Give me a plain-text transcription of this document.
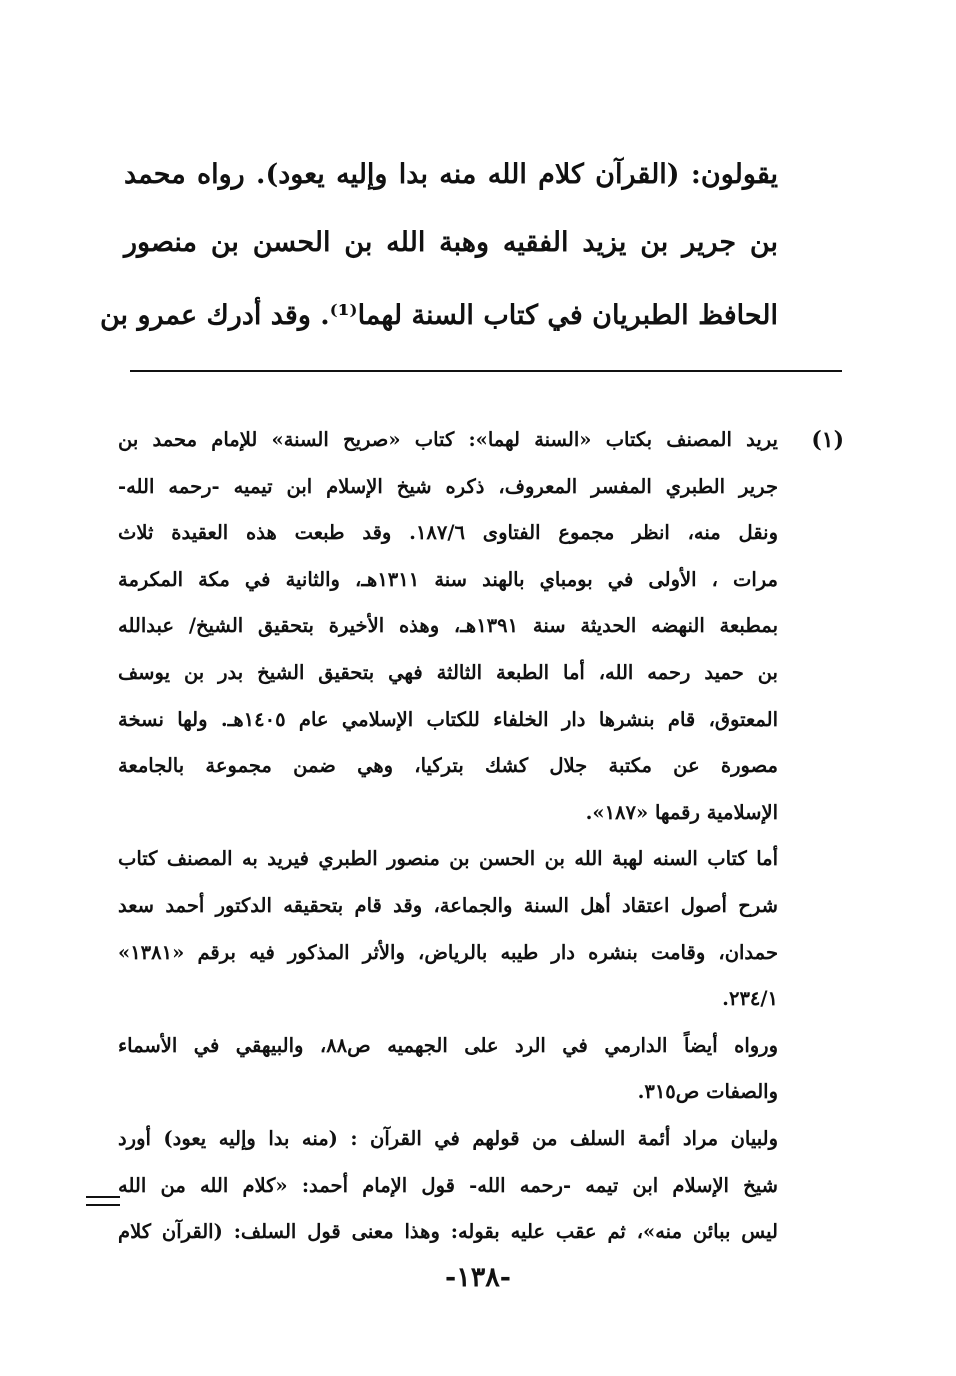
يقولون: (القرآن كلام الله منه بدا وإليه يعود). رواه محمد
بن جرير بن يزيد الفقيه وهبة الله بن الحسن بن منصور
الحافظ الطبريان في كتاب السنة لهما⁽¹⁾. وقد أدرك عمرو بن
(١)
يريد المصنف بكتاب «السنة لهما»: كتاب «صريح السنة» للإمام محمد بن
جرير الطبري المفسر المعروف، ذكره شيخ الإسلام ابن تيميه -رحمه الله-
ونقل منه، انظر مجموع الفتاوى ١٨٧/٦. وقد طبعت هذه العقيدة ثلاث
مرات ، الأولى في بومباي بالهند سنة ١٣١١هـ، والثانية في مكة المكرمة
بمطبعة النهضه الحديثة سنة ١٣٩١هـ، وهذه الأخيرة بتحقيق الشيخ/ عبدالله
بن حميد رحمه الله، أما الطبعة الثالثة فهي بتحقيق الشيخ بدر بن يوسف
المعتوق، قام بنشرها دار الخلفاء للكتاب الإسلامي عام ١٤٠٥هـ. ولها نسخة
مصورة عن مكتبة جلال كشك بتركيا، وهي ضمن مجموعة بالجامعة
الإسلامية رقمها «١٨٧».
أما كتاب السنه لهبة الله بن الحسن بن منصور الطبري فيريد به المصنف كتاب
شرح أصول اعتقاد أهل السنة والجماعة، وقد قام بتحقيقه الدكتور أحمد سعد
حمدان، وقامت بنشره دار طيبه بالرياض، والأثر المذكور فيه برقم «١٣٨١»
٢٣٤/١.
ورواه أيضاً الدارمي في الرد على الجهميه ص٨٨، والبيهقي في الأسماء
والصفات ص٣١٥.
ولبيان مراد أئمة السلف من قولهم في القرآن : (منه بدا وإليه يعود) أورد
شيخ الإسلام ابن تيمه -رحمه الله- قول الإمام أحمد: «كلام الله من الله
ليس ببائن منه»، ثم عقب عليه بقوله: وهذا معنى قول السلف: (القرآن كلام
-١٣٨-
